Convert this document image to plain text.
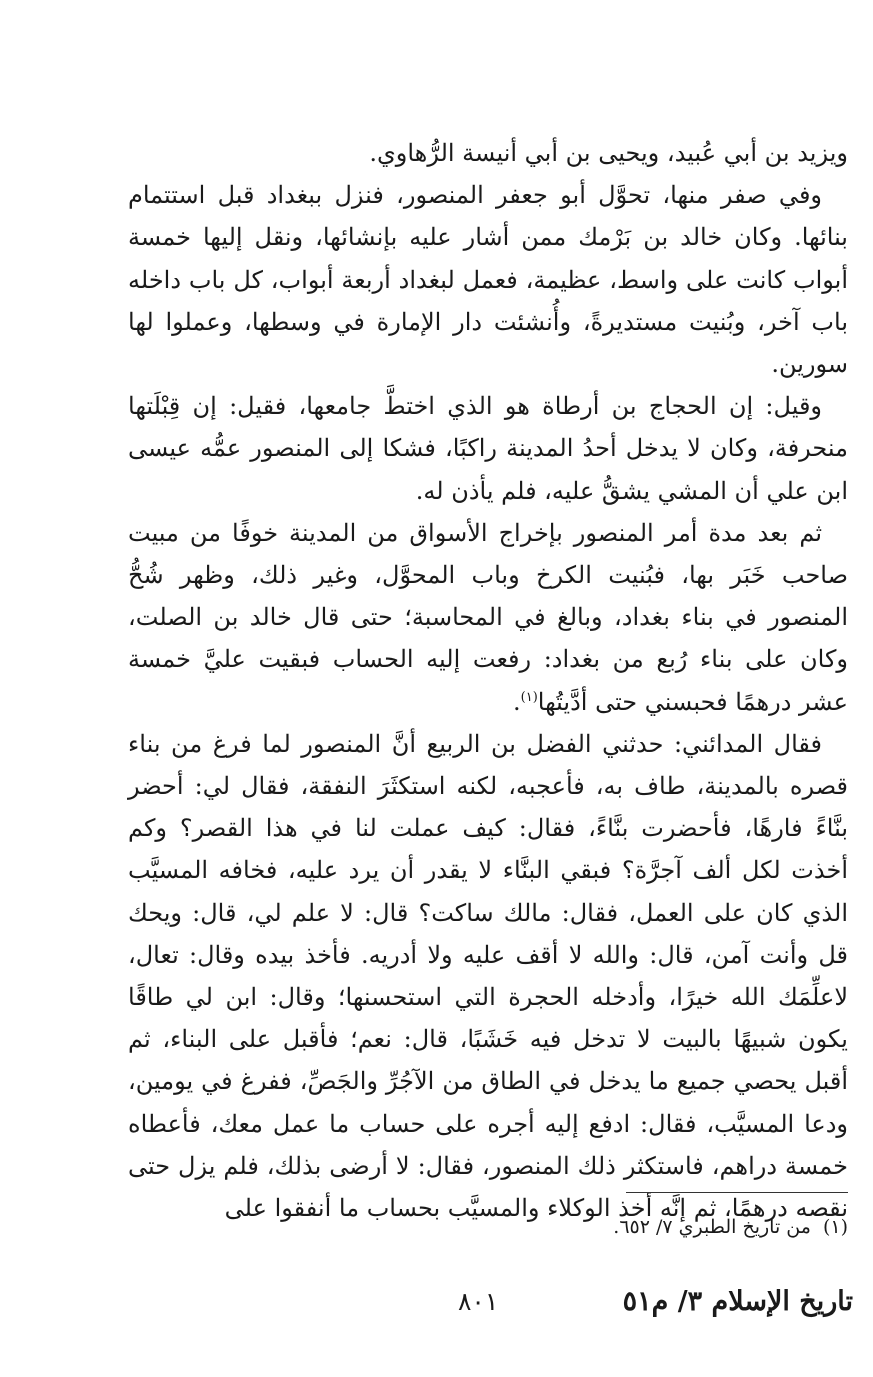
ويزيد بن أبي عُبيد، ويحيى بن أبي أنيسة الرُّهاوي.

وفي صفر منها، تحوَّل أبو جعفر المنصور، فنزل ببغداد قبل استتمام بنائها. وكان خالد بن بَرْمك ممن أشار عليه بإنشائها، ونقل إليها خمسة أبواب كانت على واسط، عظيمة، فعمل لبغداد أربعة أبواب، كل باب داخله باب آخر، وبُنيت مستديرةً، وأُنشئت دار الإمارة في وسطها، وعملوا لها سورين.

وقيل: إن الحجاج بن أرطاة هو الذي اختطَّ جامعها، فقيل: إن قِبْلَتها منحرفة، وكان لا يدخل أحدُ المدينة راكبًا، فشكا إلى المنصور عمُّه عيسى ابن علي أن المشي يشقُّ عليه، فلم يأذن له.

ثم بعد مدة أمر المنصور بإخراج الأسواق من المدينة خوفًا من مبيت صاحب خَبَر بها، فبُنيت الكرخ وباب المحوَّل، وغير ذلك، وظهر شُحُّ المنصور في بناء بغداد، وبالغ في المحاسبة؛ حتى قال خالد بن الصلت، وكان على بناء رُبع من بغداد: رفعت إليه الحساب فبقيت عليَّ خمسة عشر درهمًا فحبسني حتى أدَّيتُها$^{(١)}$.

فقال المدائني: حدثني الفضل بن الربيع أنَّ المنصور لما فرغ من بناء قصره بالمدينة، طاف به، فأعجبه، لكنه استكثَرَ النفقة، فقال لي: أحضر بنَّاءً فارهًا، فأحضرت بنَّاءً، فقال: كيف عملت لنا في هذا القصر؟ وكم أخذت لكل ألف آجرَّة؟ فبقي البنَّاء لا يقدر أن يرد عليه، فخافه المسيَّب الذي كان على العمل، فقال: مالك ساكت؟ قال: لا علم لي، قال: ويحك قل وأنت آمن، قال: والله لا أقف عليه ولا أدريه. فأخذ بيده وقال: تعال، لاعلِّمَك الله خيرًا، وأدخله الحجرة التي استحسنها؛ وقال: ابن لي طاقًا يكون شبيهًا بالبيت لا تدخل فيه خَشَبًا، قال: نعم؛ فأقبل على البناء، ثم أقبل يحصي جميع ما يدخل في الطاق من الآجُرِّ والجَصِّ، ففرغ في يومين، ودعا المسيَّب، فقال: ادفع إليه أجره على حساب ما عمل معك، فأعطاه خمسة دراهم، فاستكثر ذلك المنصور، فقال: لا أرضى بذلك، فلم يزل حتى نقصه درهمًا، ثم إنَّه أخذ الوكلاء والمسيَّب بحساب ما أنفقوا على

(١)من تاريخ الطبري ٧/ ٦٥٢.
تاريخ الإسلام ٣/ م٥١
٨٠١
